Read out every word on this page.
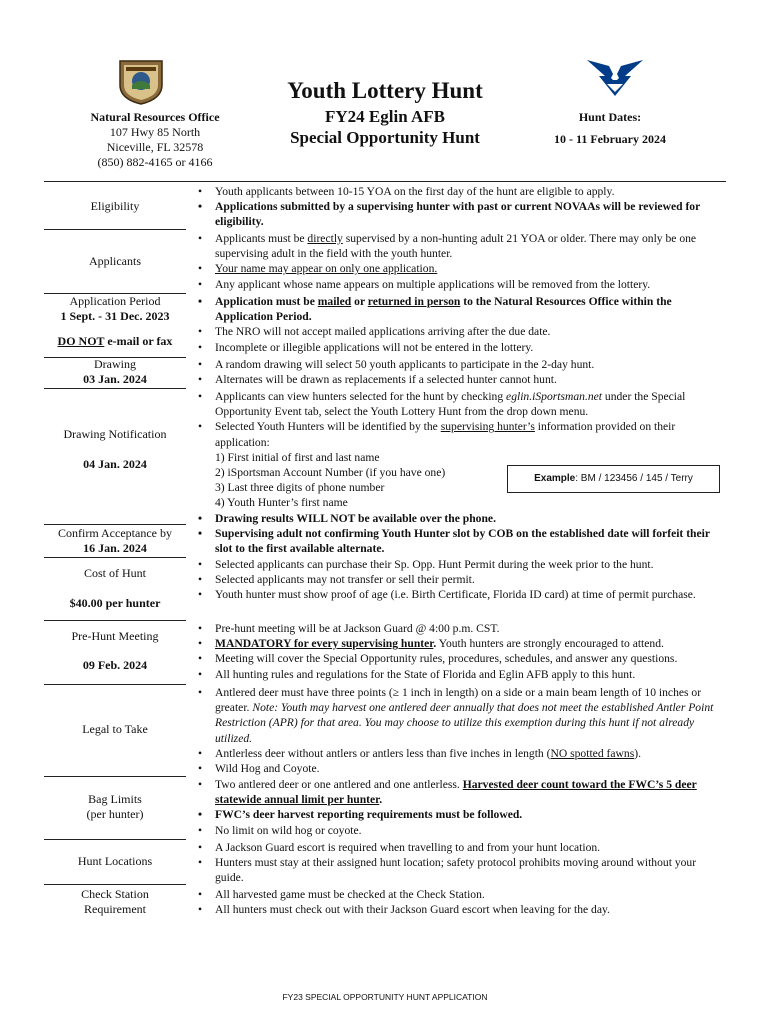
Youth Lottery Hunt
FY24 Eglin AFB
Special Opportunity Hunt
Natural Resources Office
107 Hwy 85 North
Niceville, FL 32578
(850) 882-4165 or 4166
Hunt Dates:
10 - 11 February 2024
Eligibility
• Youth applicants between 10-15 YOA on the first day of the hunt are eligible to apply.
• Applications submitted by a supervising hunter with past or current NOVAAs will be reviewed for eligibility.
Applicants
• Applicants must be directly supervised by a non-hunting adult 21 YOA or older. There may only be one supervising adult in the field with the youth hunter.
• Your name may appear on only one application.
• Any applicant whose name appears on multiple applications will be removed from the lottery.
Application Period
1 Sept. - 31 Dec. 2023
DO NOT e-mail or fax
• Application must be mailed or returned in person to the Natural Resources Office within the Application Period.
• The NRO will not accept mailed applications arriving after the due date.
• Incomplete or illegible applications will not be entered in the lottery.
Drawing
03 Jan. 2024
• A random drawing will select 50 youth applicants to participate in the 2-day hunt.
• Alternates will be drawn as replacements if a selected hunter cannot hunt.
Drawing Notification
04 Jan. 2024
• Applicants can view hunters selected for the hunt by checking eglin.iSportsman.net under the Special Opportunity Event tab, select the Youth Lottery Hunt from the drop down menu.
• Selected Youth Hunters will be identified by the supervising hunter’s information provided on their application:
1) First initial of first and last name
2) iSportsman Account Number (if you have one)
3) Last three digits of phone number
4) Youth Hunter’s first name
• Drawing results WILL NOT be available over the phone.
Example: BM / 123456 / 145 / Terry
Confirm Acceptance by
16 Jan. 2024
• Supervising adult not confirming Youth Hunter slot by COB on the established date will forfeit their slot to the first available alternate.
Cost of Hunt
$40.00 per hunter
• Selected applicants can purchase their Sp. Opp. Hunt Permit during the week prior to the hunt.
• Selected applicants may not transfer or sell their permit.
• Youth hunter must show proof of age (i.e. Birth Certificate, Florida ID card) at time of permit purchase.
Pre-Hunt Meeting
09 Feb. 2024
• Pre-hunt meeting will be at Jackson Guard @ 4:00 p.m. CST.
• MANDATORY for every supervising hunter. Youth hunters are strongly encouraged to attend.
• Meeting will cover the Special Opportunity rules, procedures, schedules, and answer any questions.
• All hunting rules and regulations for the State of Florida and Eglin AFB apply to this hunt.
Legal to Take
• Antlered deer must have three points (≥ 1 inch in length) on a side or a main beam length of 10 inches or greater. Note: Youth may harvest one antlered deer annually that does not meet the established Antler Point Restriction (APR) for that area. You may choose to utilize this exemption during this hunt if not already utilized.
• Antlerless deer without antlers or antlers less than five inches in length (NO spotted fawns).
• Wild Hog and Coyote.
Bag Limits
(per hunter)
• Two antlered deer or one antlered and one antlerless. Harvested deer count toward the FWC’s 5 deer statewide annual limit per hunter.
• FWC’s deer harvest reporting requirements must be followed.
• No limit on wild hog or coyote.
Hunt Locations
• A Jackson Guard escort is required when travelling to and from your hunt location.
• Hunters must stay at their assigned hunt location; safety protocol prohibits moving around without your guide.
Check Station
Requirement
• All harvested game must be checked at the Check Station.
• All hunters must check out with their Jackson Guard escort when leaving for the day.
FY23 SPECIAL OPPORTUNITY HUNT APPLICATION
